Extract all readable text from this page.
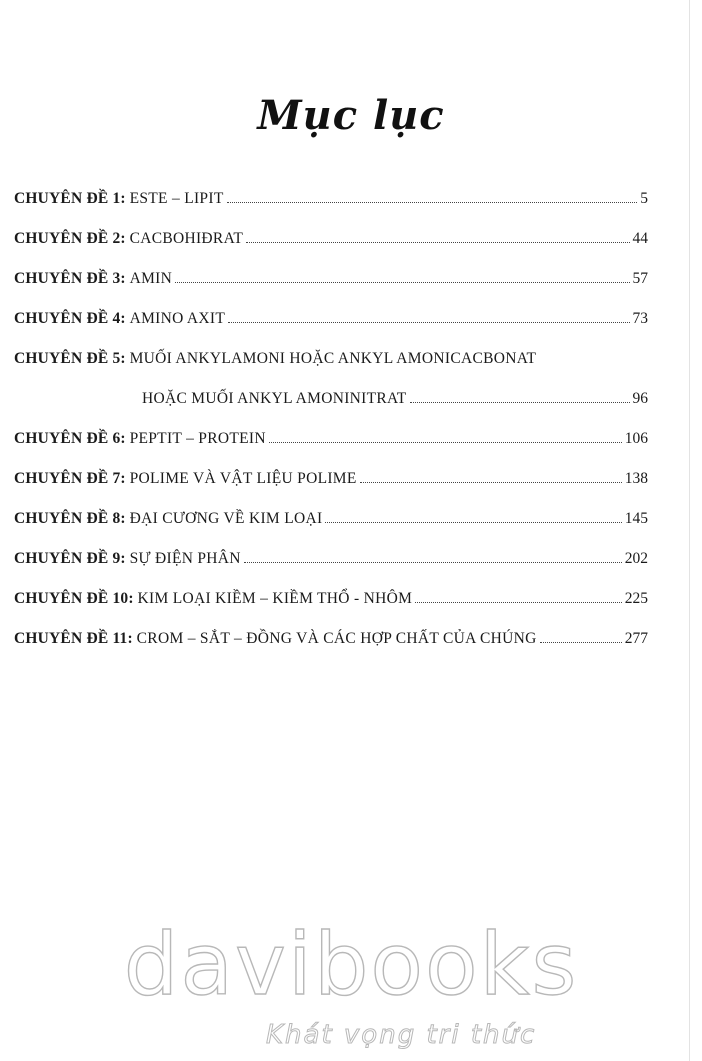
Mục lục
CHUYÊN ĐỀ 1 : ESTE – LIPIT	5
CHUYÊN ĐỀ 2 : CACBOHIĐRAT	44
CHUYÊN ĐỀ 3 : AMIN	57
CHUYÊN ĐỀ 4 : AMINO AXIT	73
CHUYÊN ĐỀ 5 : MUỐI ANKYLAMONI HOẶC ANKYL AMONICACBONAT
HOẶC MUỐI ANKYL AMONINITRAT	96
CHUYÊN ĐỀ 6 : PEPTIT – PROTEIN	106
CHUYÊN ĐỀ 7 : POLIME VÀ VẬT LIỆU POLIME	138
CHUYÊN ĐỀ 8 : ĐẠI CƯƠNG VỀ KIM LOẠI	145
CHUYÊN ĐỀ 9 : SỰ ĐIỆN PHÂN	202
CHUYÊN ĐỀ 10 : KIM LOẠI KIỀM – KIỀM THỔ - NHÔM	225
CHUYÊN ĐỀ 11 : CROM – SẮT – ĐỒNG VÀ CÁC HỢP CHẤT CỦA CHÚNG	277
davibooks
Khát vọng tri thức
